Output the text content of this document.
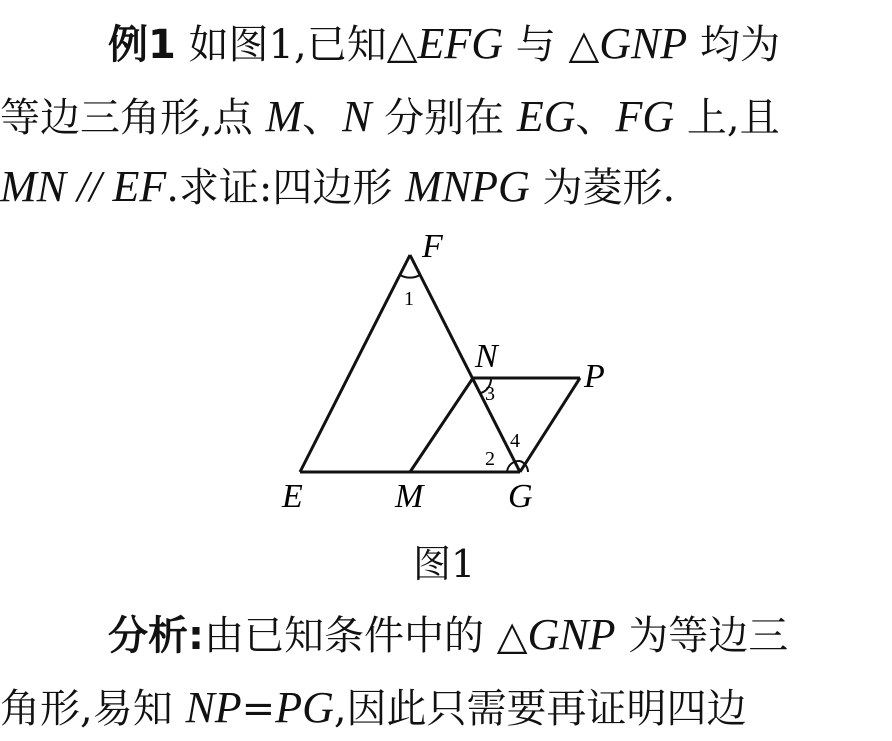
例1 如图1,已知△EFG 与 △GNP 均为
等边三角形,点 M、N 分别在 EG、FG 上,且
MN // EF.求证:四边形 MNPG 为菱形.
F
N
P
E	M G
1
3
2
4
图1
分析:由已知条件中的 △GNP 为等边三
角形,易知 NP=PG,因此只需要再证明四边
